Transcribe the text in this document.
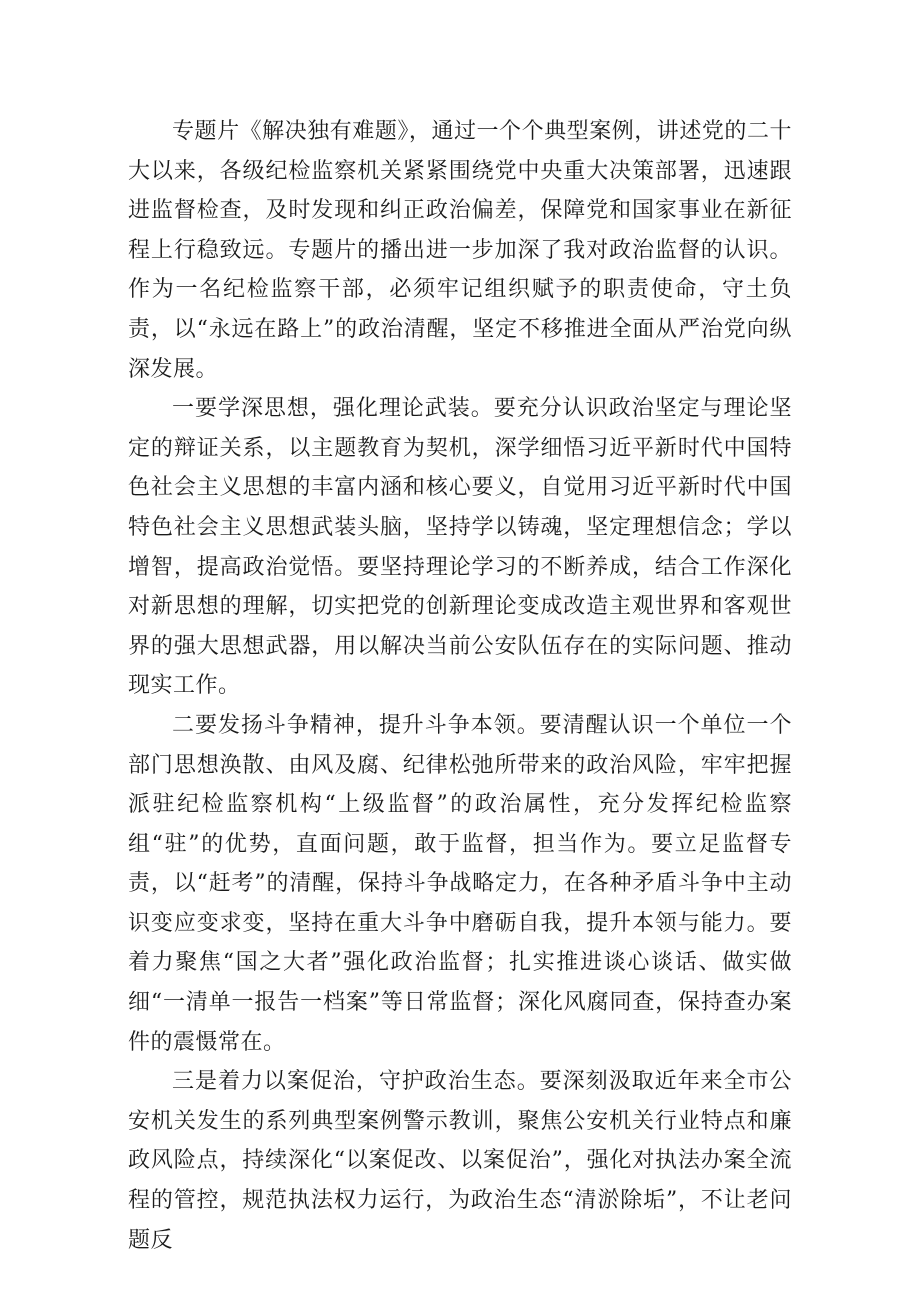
专题片《解决独有难题》，通过一个个典型案例，讲述党的二十大以来，各级纪检监察机关紧紧围绕党中央重大决策部署，迅速跟进监督检查，及时发现和纠正政治偏差，保障党和国家事业在新征程上行稳致远。专题片的播出进一步加深了我对政治监督的认识。作为一名纪检监察干部，必须牢记组织赋予的职责使命，守土负责，以“永远在路上”的政治清醒，坚定不移推进全面从严治党向纵深发展。

一要学深思想，强化理论武装。要充分认识政治坚定与理论坚定的辩证关系，以主题教育为契机，深学细悟习近平新时代中国特色社会主义思想的丰富内涵和核心要义，自觉用习近平新时代中国特色社会主义思想武装头脑，坚持学以铸魂，坚定理想信念；学以增智，提高政治觉悟。要坚持理论学习的不断养成，结合工作深化对新思想的理解，切实把党的创新理论变成改造主观世界和客观世界的强大思想武器，用以解决当前公安队伍存在的实际问题、推动现实工作。

二要发扬斗争精神，提升斗争本领。要清醒认识一个单位一个部门思想涣散、由风及腐、纪律松弛所带来的政治风险，牢牢把握派驻纪检监察机构“上级监督”的政治属性，充分发挥纪检监察组“驻”的优势，直面问题，敢于监督，担当作为。要立足监督专责，以“赶考”的清醒，保持斗争战略定力，在各种矛盾斗争中主动识变应变求变，坚持在重大斗争中磨砺自我，提升本领与能力。要着力聚焦“国之大者”强化政治监督；扎实推进谈心谈话、做实做细“一清单一报告一档案”等日常监督；深化风腐同查，保持查办案件的震慑常在。

三是着力以案促治，守护政治生态。要深刻汲取近年来全市公安机关发生的系列典型案例警示教训，聚焦公安机关行业特点和廉政风险点，持续深化“以案促改、以案促治”，强化对执法办案全流程的管控，规范执法权力运行，为政治生态“清淤除垢”，不让老问题反
